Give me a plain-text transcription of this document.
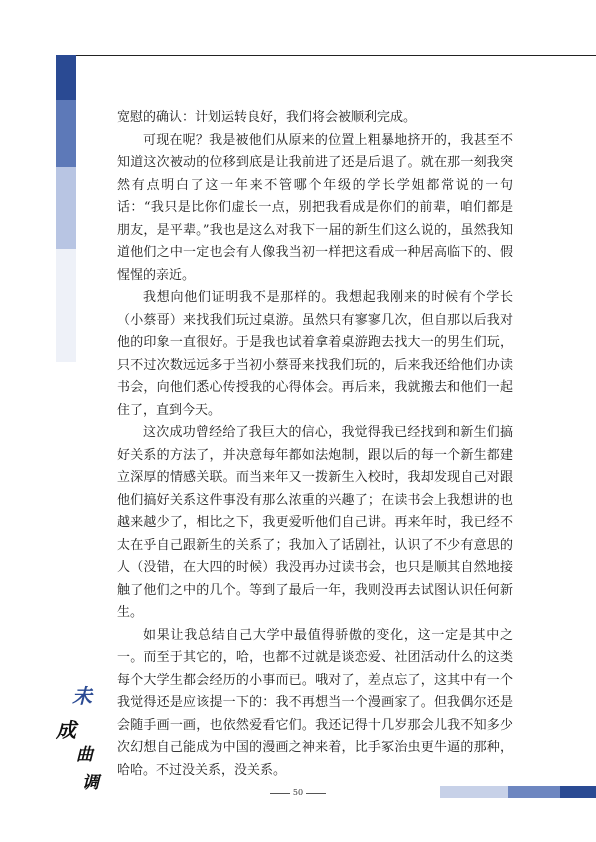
宽慰的确认：计划运转良好，我们将会被顺利完成。

可现在呢？我是被他们从原来的位置上粗暴地挤开的，我甚至不知道这次被动的位移到底是让我前进了还是后退了。就在那一刻我突然有点明白了这一年来不管哪个年级的学长学姐都常说的一句话：“我只是比你们虚长一点，别把我看成是你们的前辈，咱们都是朋友，是平辈。”我也是这么对我下一届的新生们这么说的，虽然我知道他们之中一定也会有人像我当初一样把这看成一种居高临下的、假惺惺的亲近。

我想向他们证明我不是那样的。我想起我刚来的时候有个学长（小蔡哥）来找我们玩过桌游。虽然只有寥寥几次，但自那以后我对他的印象一直很好。于是我也试着拿着桌游跑去找大一的男生们玩，只不过次数远远多于当初小蔡哥来找我们玩的，后来我还给他们办读书会，向他们悉心传授我的心得体会。再后来，我就搬去和他们一起住了，直到今天。

这次成功曾经给了我巨大的信心，我觉得我已经找到和新生们搞好关系的方法了，并决意每年都如法炮制，跟以后的每一个新生都建立深厚的情感关联。而当来年又一拨新生入校时，我却发现自己对跟他们搞好关系这件事没有那么浓重的兴趣了；在读书会上我想讲的也越来越少了，相比之下，我更爱听他们自己讲。再来年时，我已经不太在乎自己跟新生的关系了；我加入了话剧社，认识了不少有意思的人（没错，在大四的时候）我没再办过读书会，也只是顺其自然地接触了他们之中的几个。等到了最后一年，我则没再去试图认识任何新生。

如果让我总结自己大学中最值得骄傲的变化，这一定是其中之一。而至于其它的，哈，也都不过就是谈恋爱、社团活动什么的这类每个大学生都会经历的小事而已。哦对了，差点忘了，这其中有一个我觉得还是应该提一下的：我不再想当一个漫画家了。但我偶尔还是会随手画一画，也依然爱看它们。我还记得十几岁那会儿我不知多少次幻想自己能成为中国的漫画之神来着，比手冢治虫更牛逼的那种，哈哈。不过没关系，没关系。

未
成
曲
调	50
